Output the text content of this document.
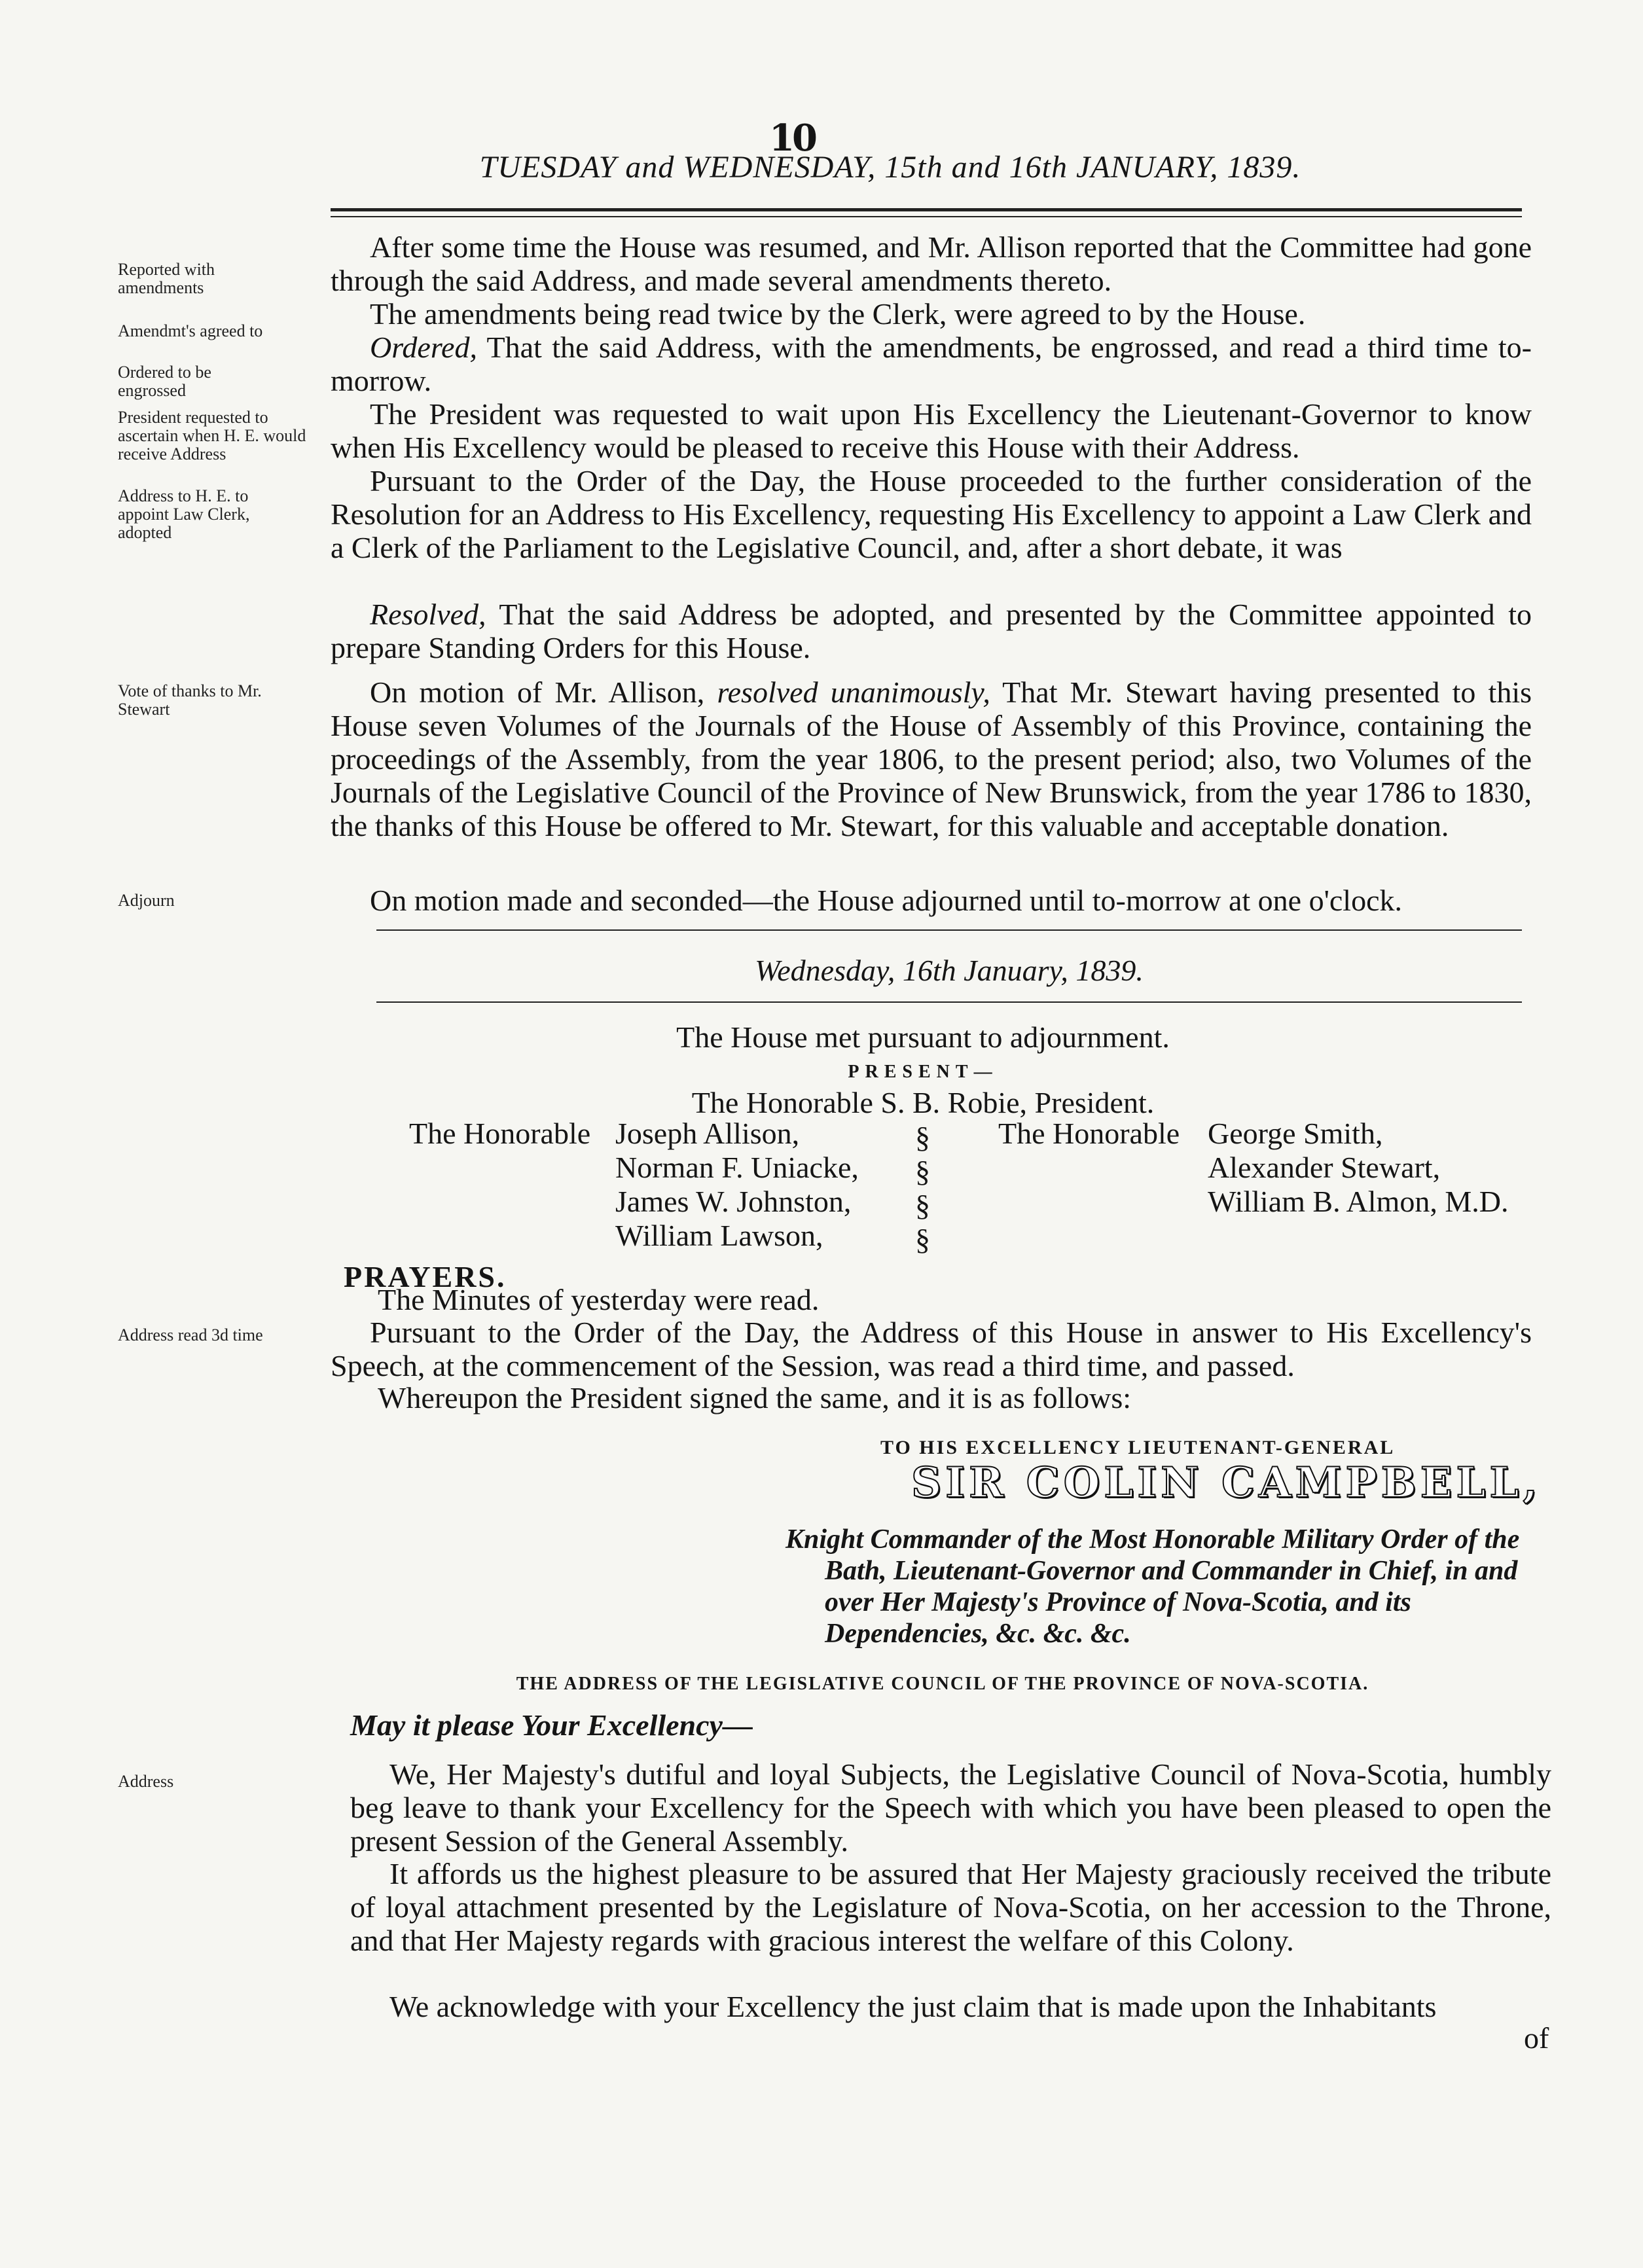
10
TUESDAY and WEDNESDAY, 15th and 16th JANUARY, 1839.
Reported with amendments
Amendmt's agreed to
Ordered to be engrossed
President requested to ascertain when H. E. would receive Address
Address to H. E. to appoint Law Clerk, adopted
Vote of thanks to Mr. Stewart
Adjourn
Address read 3d time
Address

After some time the House was resumed, and Mr. Allison reported that the Committee had gone through the said Address, and made several amendments thereto.

The amendments being read twice by the Clerk, were agreed to by the House.

Ordered, That the said Address, with the amendments, be engrossed, and read a third time to-morrow.

The President was requested to wait upon His Excellency the Lieutenant-Governor to know when His Excellency would be pleased to receive this House with their Address.

Pursuant to the Order of the Day, the House proceeded to the further consideration of the Resolution for an Address to His Excellency, requesting His Excellency to appoint a Law Clerk and a Clerk of the Parliament to the Legislative Council, and, after a short debate, it was

Resolved, That the said Address be adopted, and presented by the Committee appointed to prepare Standing Orders for this House.

On motion of Mr. Allison, resolved unanimously, That Mr. Stewart having presented to this House seven Volumes of the Journals of the House of Assembly of this Province, containing the proceedings of the Assembly, from the year 1806, to the present period; also, two Volumes of the Journals of the Legislative Council of the Province of New Brunswick, from the year 1786 to 1830, the thanks of this House be offered to Mr. Stewart, for this valuable and acceptable donation.

On motion made and seconded—the House adjourned until to-morrow at one o'clock.

Wednesday, 16th January, 1839.
The House met pursuant to adjournment.
PRESENT—
The Honorable S. B. Robie, President.
The Honorable Joseph Allison,
Norman F. Uniacke,
James W. Johnston,
William Lawson,
§
§
§
§
The Honorable George Smith,
Alexander Stewart,
William B. Almon, M.D.
PRAYERS.
The Minutes of yesterday were read.

Pursuant to the Order of the Day, the Address of this House in answer to His Excellency's Speech, at the commencement of the Session, was read a third time, and passed.

Whereupon the President signed the same, and it is as follows:
TO HIS EXCELLENCY LIEUTENANT-GENERAL
SIR COLIN CAMPBELL,

Knight Commander of the Most Honorable Military Order of the Bath, Lieutenant-Governor and Commander in Chief, in and over Her Majesty's Province of Nova-Scotia, and its Dependencies, &c. &c. &c.

THE ADDRESS OF THE LEGISLATIVE COUNCIL OF THE PROVINCE OF NOVA-SCOTIA.
May it please Your Excellency—

We, Her Majesty's dutiful and loyal Subjects, the Legislative Council of Nova-Scotia, humbly beg leave to thank your Excellency for the Speech with which you have been pleased to open the present Session of the General Assembly.

It affords us the highest pleasure to be assured that Her Majesty graciously received the tribute of loyal attachment presented by the Legislature of Nova-Scotia, on her accession to the Throne, and that Her Majesty regards with gracious interest the welfare of this Colony.

We acknowledge with your Excellency the just claim that is made upon the Inhabitants

of
